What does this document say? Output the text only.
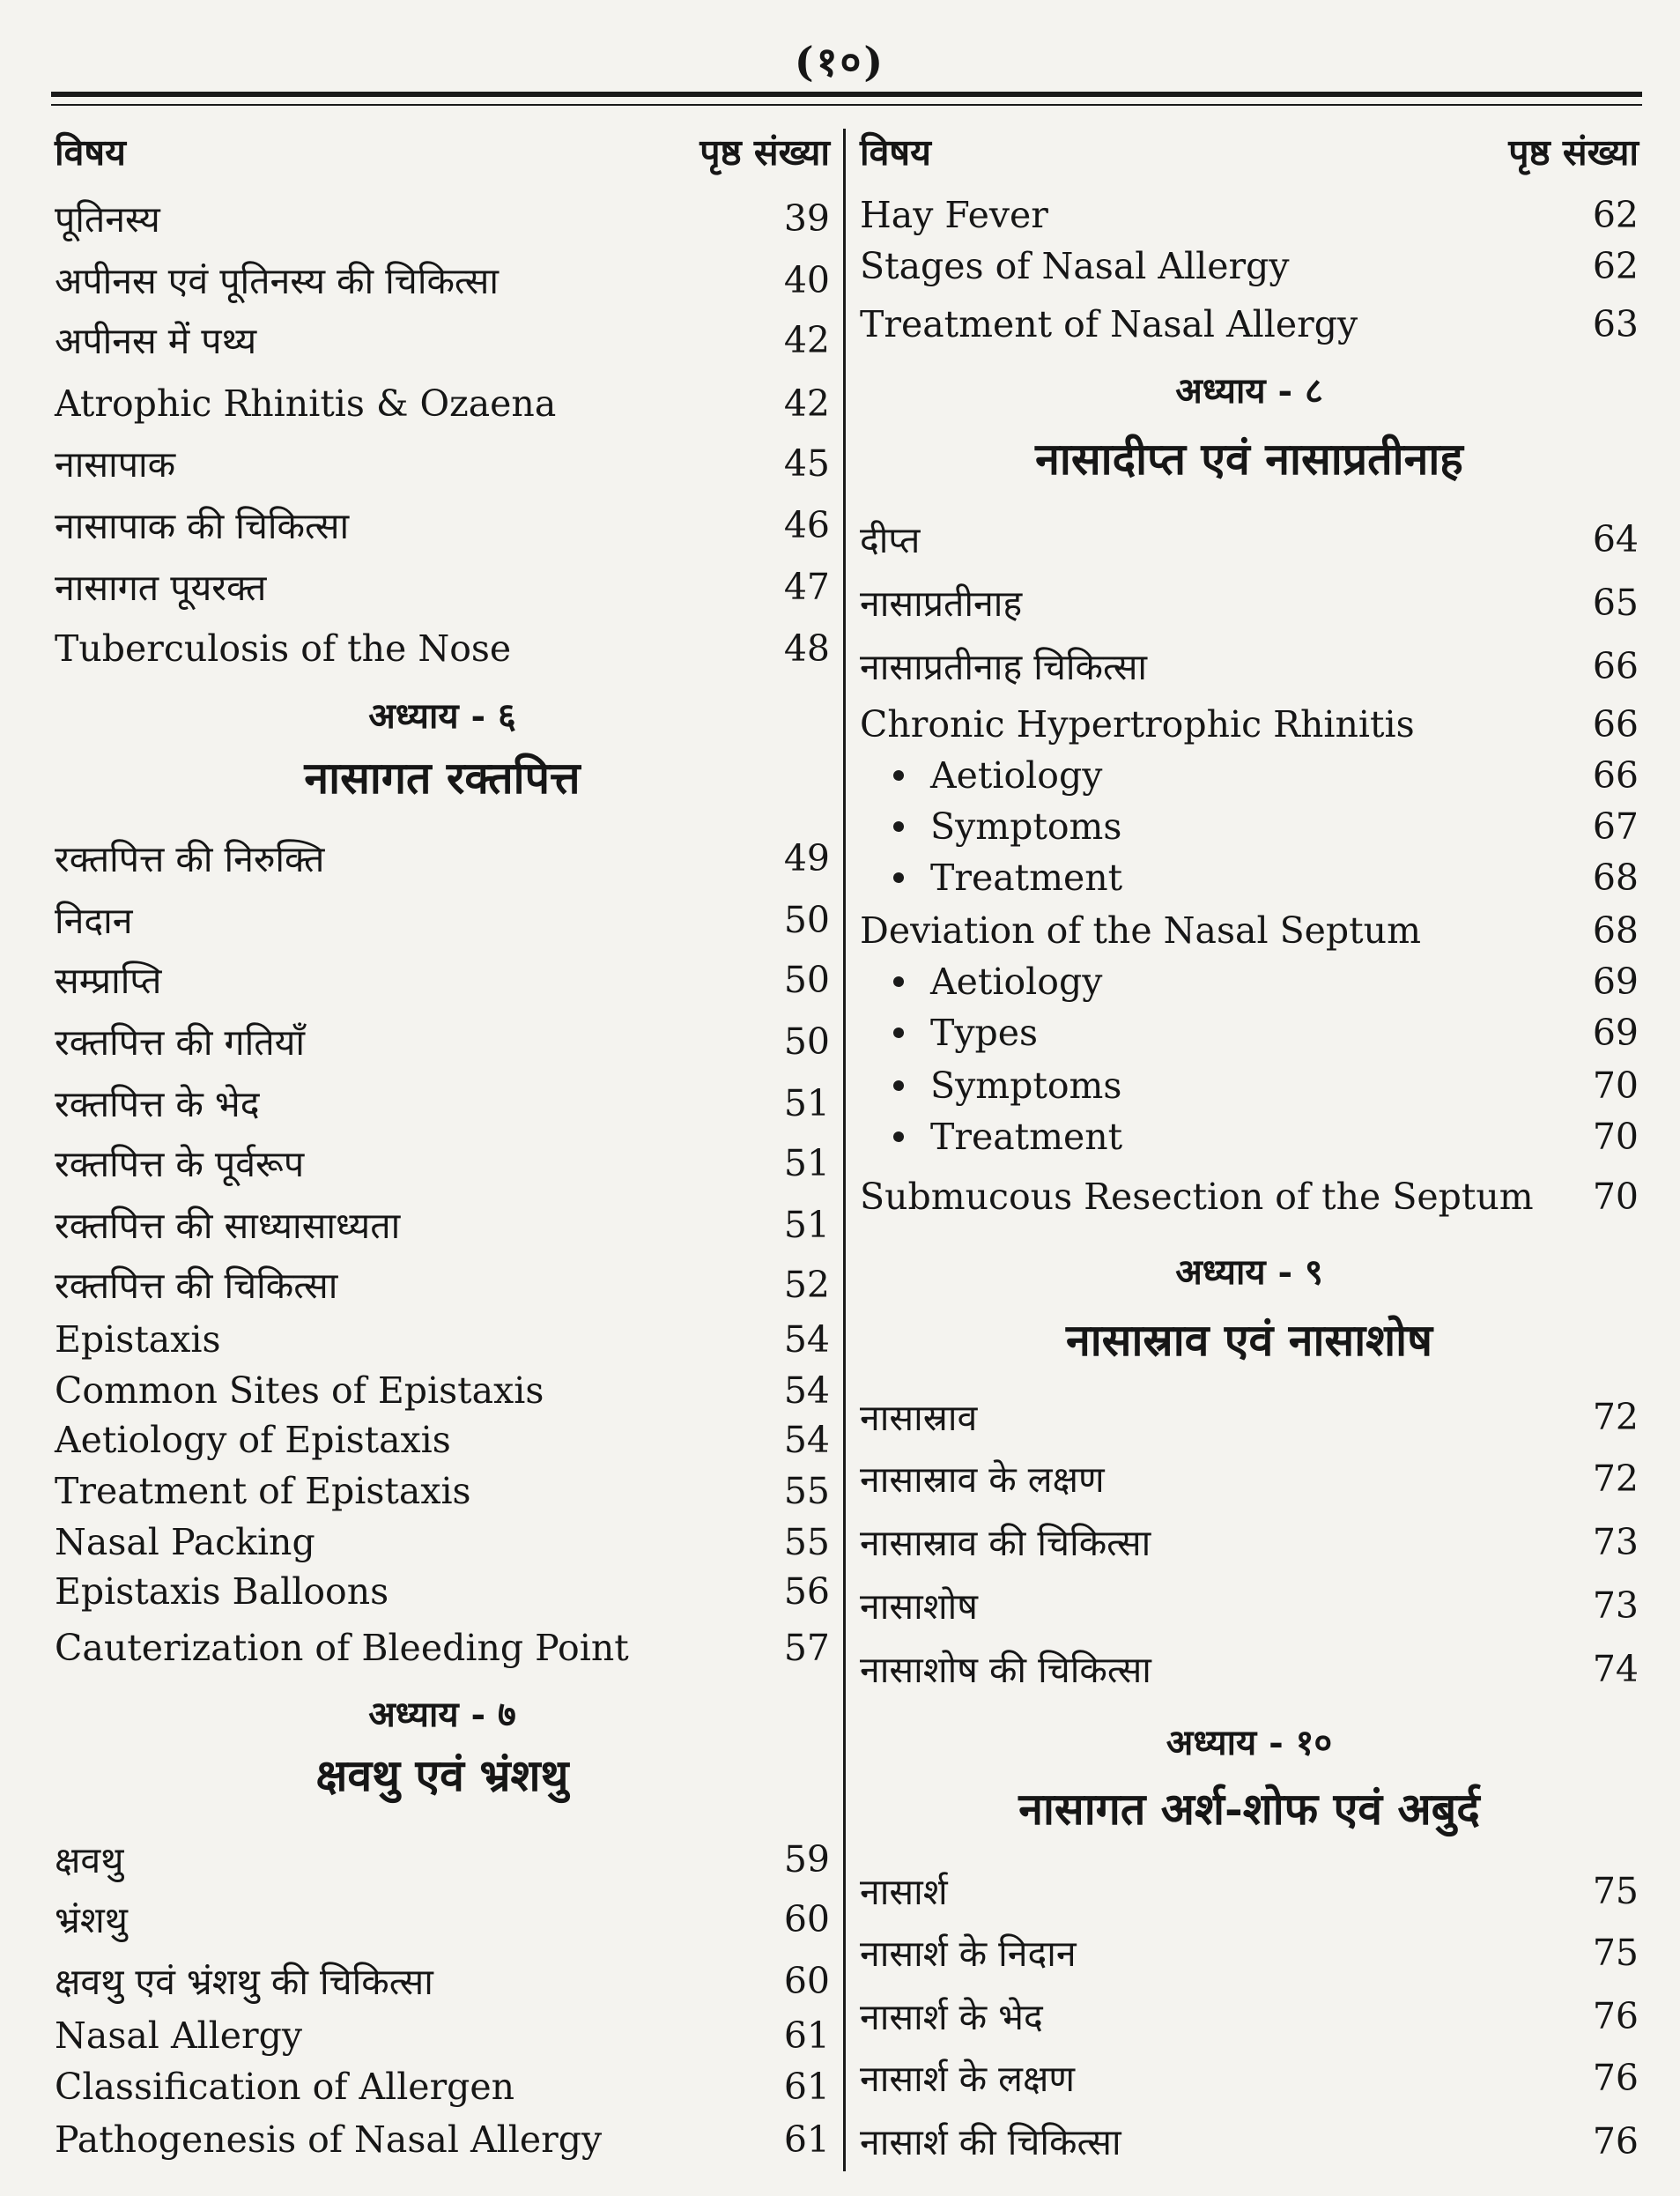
(१०)
विषय	पृष्ठ संख्या
पूतिनस्य	39
अपीनस एवं पूतिनस्य की चिकित्सा	40
अपीनस में पथ्य	42
Atrophic Rhinitis & Ozaena	42
नासापाक	45
नासापाक की चिकित्सा	46
नासागत पूयरक्त	47
Tuberculosis of the Nose	48
अध्याय - ६
नासागत रक्तपित्त
रक्तपित्त की निरुक्ति	49
निदान	50
सम्प्राप्ति	50
रक्तपित्त की गतियाँ	50
रक्तपित्त के भेद	51
रक्तपित्त के पूर्वरूप	51
रक्तपित्त की साध्यासाध्यता	51
रक्तपित्त की चिकित्सा	52
Epistaxis	54
Common Sites of Epistaxis	54
Aetiology of Epistaxis	54
Treatment of Epistaxis	55
Nasal Packing	55
Epistaxis Balloons	56
Cauterization of Bleeding Point	57
अध्याय - ७
क्षवथु एवं भ्रंशथु
क्षवथु	59
भ्रंशथु	60
क्षवथु एवं भ्रंशथु की चिकित्सा	60
Nasal Allergy	61
Classification of Allergen	61
Pathogenesis of Nasal Allergy	61
विषय	पृष्ठ संख्या
Hay Fever	62
Stages of Nasal Allergy	62
Treatment of Nasal Allergy	63
अध्याय - ८
नासादीप्त एवं नासाप्रतीनाह
दीप्त	64
नासाप्रतीनाह	65
नासाप्रतीनाह चिकित्सा	66
Chronic Hypertrophic Rhinitis	66
Aetiology	66
Symptoms	67
Treatment	68
Deviation of the Nasal Septum	68
Aetiology	69
Types	69
Symptoms	70
Treatment	70
Submucous Resection of the Septum 70
अध्याय - ९
नासास्राव एवं नासाशोष
नासास्राव	72
नासास्राव के लक्षण	72
नासास्राव की चिकित्सा	73
नासाशोष	73
नासाशोष की चिकित्सा	74
अध्याय - १०
नासागत अर्श-शोफ एवं अबुर्द
नासार्श	75
नासार्श के निदान	75
नासार्श के भेद	76
नासार्श के लक्षण	76
नासार्श की चिकित्सा	76
